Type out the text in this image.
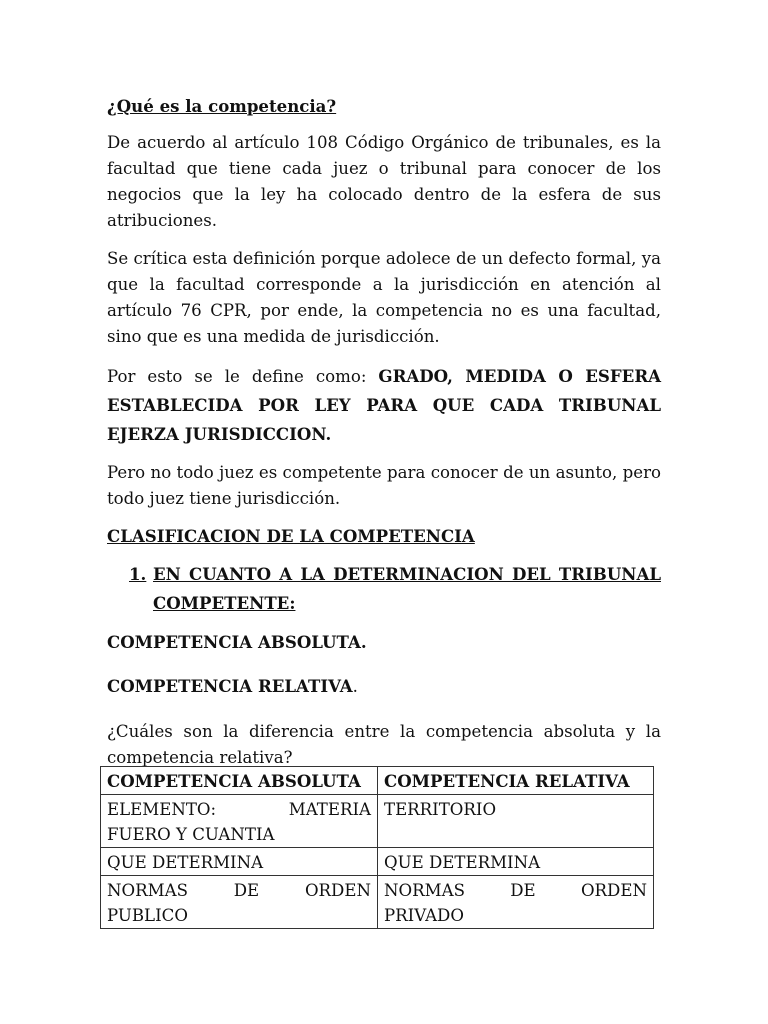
¿Qué es la competencia?

De acuerdo al artículo 108 Código Orgánico de tribunales, es la facultad que tiene cada juez o tribunal para conocer de los negocios que la ley ha colocado dentro de la esfera de sus atribuciones.

Se crítica esta definición porque adolece de un defecto formal, ya que la facultad corresponde a la jurisdicción en atención al artículo 76 CPR, por ende, la competencia no es una facultad, sino que es una medida de jurisdicción.

Por esto se le define como: GRADO, MEDIDA O ESFERA ESTABLECIDA POR LEY PARA QUE CADA TRIBUNAL EJERZA JURISDICCION.

Pero no todo juez es competente para conocer de un asunto, pero todo juez tiene jurisdicción.

CLASIFICACION DE LA COMPETENCIA
1. EN CUANTO A LA DETERMINACION DEL TRIBUNAL COMPETENTE:
COMPETENCIA ABSOLUTA.
COMPETENCIA RELATIVA.

¿Cuáles son la diferencia entre la competencia absoluta y la competencia relativa?

COMPETENCIA ABSOLUTA	COMPETENCIA RELATIVA
ELEMENTO: MATERIA FUERO Y CUANTIA	TERRITORIO
QUE DETERMINA	QUE DETERMINA
NORMAS DE ORDEN PUBLICO	NORMAS DE ORDEN PRIVADO
